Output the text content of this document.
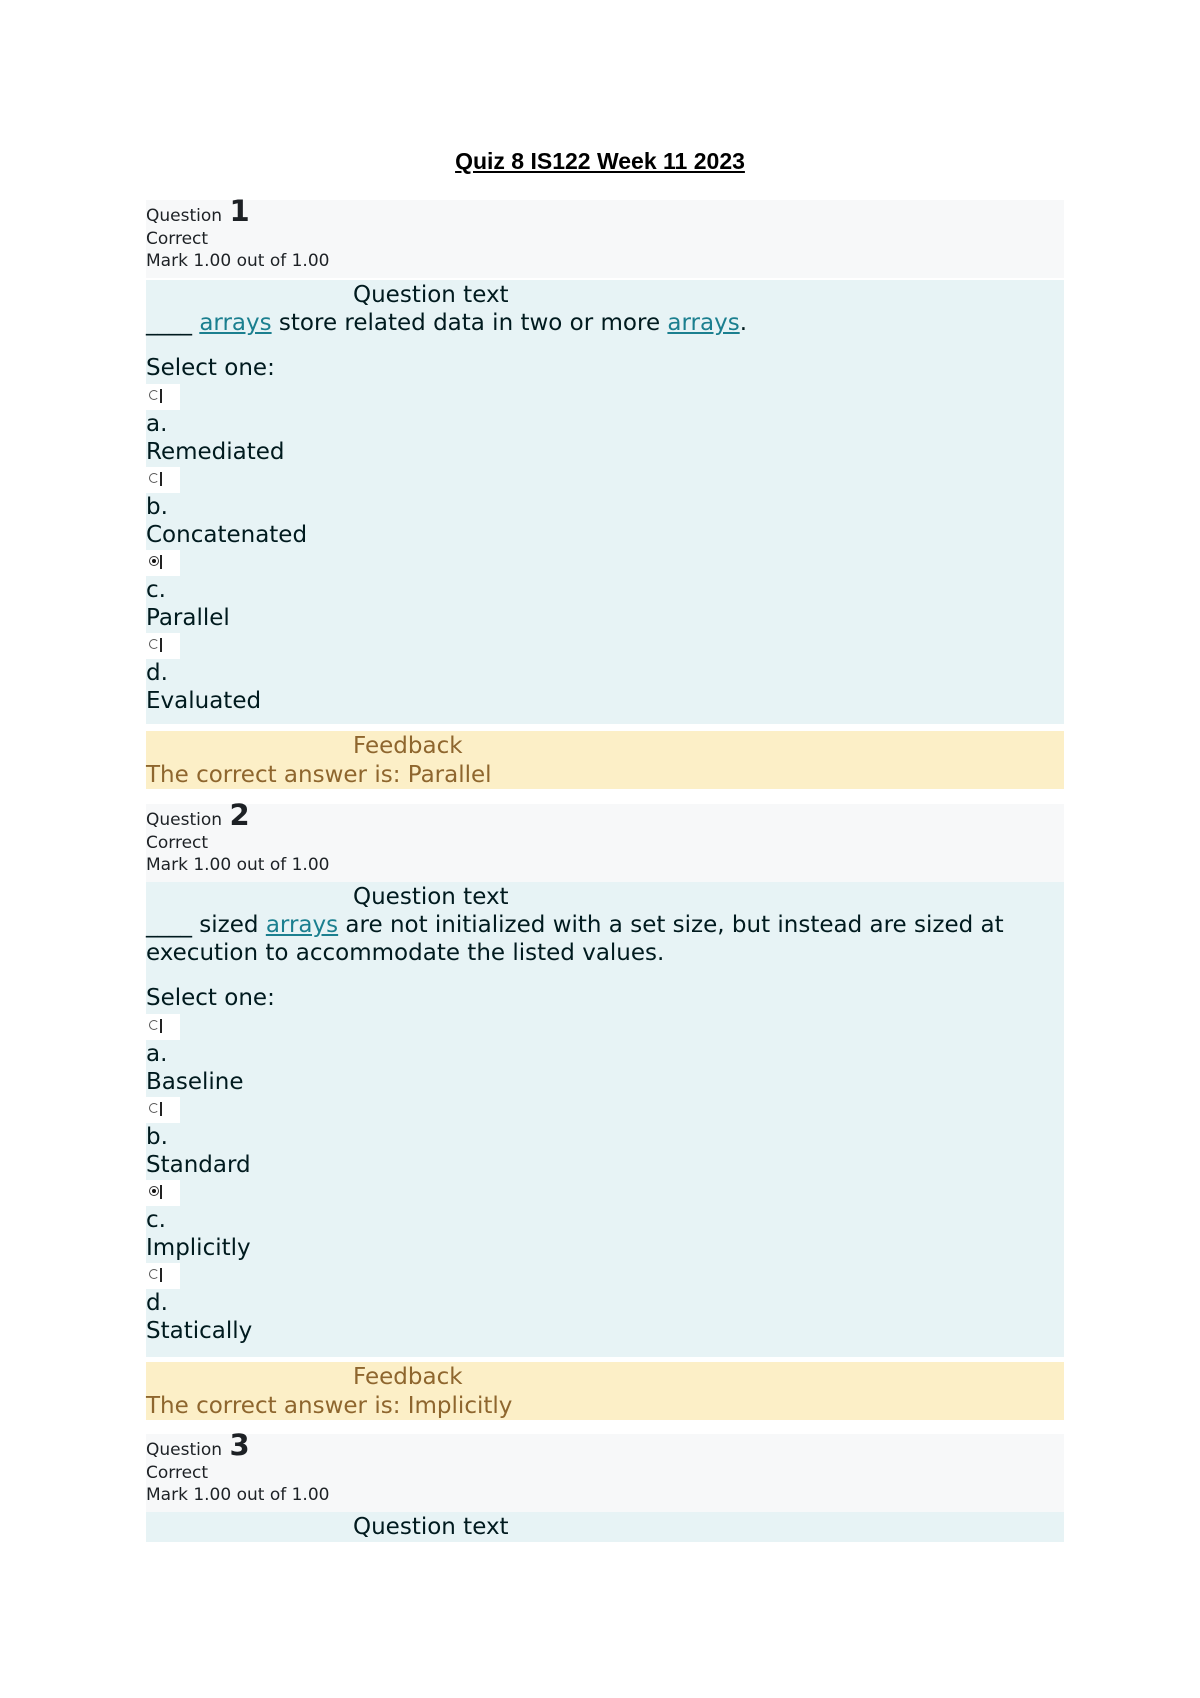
Quiz 8 IS122 Week 11 2023
Question 1
Correct
Mark 1.00 out of 1.00
Question text
____ arrays store related data in two or more arrays.
Select one:
a.
Remediated
b.
Concatenated
c.
Parallel
d.
Evaluated
Feedback
The correct answer is: Parallel
Question 2
Correct
Mark 1.00 out of 1.00
Question text
____ sized arrays are not initialized with a set size, but instead are sized at execution to accommodate the listed values.
Select one:
a.
Baseline
b.
Standard
c.
Implicitly
d.
Statically
Feedback
The correct answer is: Implicitly
Question 3
Correct
Mark 1.00 out of 1.00
Question text
